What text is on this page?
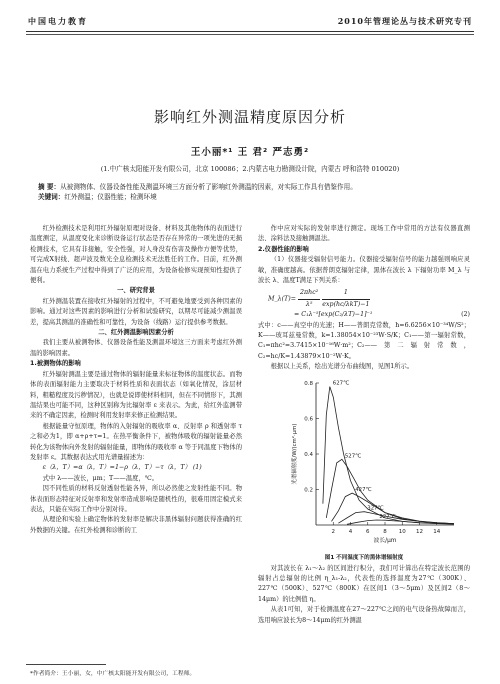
中国电力教育	2010年管理论丛与技术研究专刊
影响红外测温精度原因分析
王小丽*¹ 王 君² 严志勇²
(1.中广核太阳能开发有限公司，北京 100086；2.内蒙古电力勘测设计院，内蒙古 呼和浩特 010020)
摘 要：从被测物体、仪器设备性能及测温环境三方面分析了影响红外测温的因素，对实际工作具有借鉴作用。
关键词：红外测温；仪器性能；检测环境

红外检测技术是利用红外辐射原理对设备、材料及其他物体的表面进行温度测定，从温度变化来诊断设备运行状态是否存在异常的一项先进的无损检测技术，它具有非接触，安全性强，对人身没有伤害及操作方便等优势，可完成X射线、超声波及数光全息检测技术无法胜任的工作。目前，红外测温在电力系统生产过程中得到了广泛的应用，为设备检修实现预知性提供了便利。

一、研究背景

红外测温装置在接收红外辐射的过程中，不可避免地要受到各种因素的影响。通过对这些因素的影响进行分析和试验研究，以期尽可能减少测温误差，提高其测温的准确性和可靠性，为设备（线路）运行提供参考数据。

二、红外测温影响因素分析

我们主要从被测物体、仪器设备性能及测温环境这三方面来考虑红外测温的影响因素。

1.被测物体的影响

红外辐射测温主要是通过物体的辐射能量来标征物体的温度状态。而物体的表面辐射能力主要取决于材料性质和表面状态（如氧化情况，涂层材料，粗糙程度及污秽情况），也就是说即使材料相同，但在不同情形下，其测温结果也可能不同，这种区别称为比辐射率 ε 来表示。为此，给红外监测带来的不确定因素，检测时利用发射率来修正检测结果。

根据能量守恒原理，物体的入射辐射的吸收率 α、反射率 ρ 和透射率 τ 之和必为1，即 α+ρ+τ=1。在热平衡条件下，被物体吸收的辐射能量必然转化为该物体向外发射的辐射能量，即物体的吸收率 α 等于同温度下物体的发射率 ε。其数据表达式用光谱量描述为：

ε（λ，T）=α（λ，T）=1−ρ（λ，T）−τ（λ，T） (1)

式中 λ——波长，μm；T——温度，℃。

因不同性质的材料反射透射性能各异，所以必然使之发射性能不同。物体表面形态特征对反射率和发射率造成影响是随机性的，很难用固定模式来表达，只能在实际工作中分别对待。

从理论和实验上确定物体的发射率是解决非黑体辐射问题获得准确的红外数据的关键。在红外检测和诊断的工

作中应对实际的发射率进行测定。现场工作中常用的方法有仪器直测法、涂料法及接触测温法。

2.仪器性能的影响

（1）仪器接受辐射信号能力。仪器接受辐射信号的能力越强则响应灵敏，准确度越高。依据普朗克辐射定律，黑体在波长 λ 下辐射功率 M_λ 与波长 λ、温度T满足下列关系：

M_λ(T)= $\frac{\text{2πhc²}}{\text{λ⁵}}$
$\frac{1}{\text{exp(hc/λkT)−1}}$
= C₁λ⁻⁵[exp(C₂/λT)−1]⁻¹	(2)

式中：c——真空中的光速；H——普朗克常数，h=6.6256×10⁻³⁴W/S²；K——玻耳兹曼常数，k=1.38054×10⁻²³W·S/K；C₁——第一辐射常数，C₁=πhc²=3.7415×10⁻¹⁶W·m²；C₂——第二辐射常数，C₂=hc/K=1.43879×10⁻²W·K。

根据以上关系，绘出光谱分布曲线图，见图1所示。

0.2
0.4
0.6
0.8
2	4	6	8 10 12 14
波长/μm
光谱辐射度/W/(cm²·μm)
627℃
527℃
427℃
327℃
227℃

图1 不同温度下的黑体谱辐射度

对其波长在 λ₁～λ₂ 的区间进行积分，我们可计算出在特定波长范围的辐射占总辐射的比例 η_λ₁-λ₂，代表性的选择温度为27℃（300K）、227℃（500K）、527℃（800K）在区间1（3～5μm）及区间2（8～14μm）的比例值 η。

从表1可知，对于检测温度在27～227℃之间的电气设备热故障而言，选用响应波长为8～14μm的红外测温

*作者简介：王小丽，女，中广核太阳能开发有限公司，工程师。
